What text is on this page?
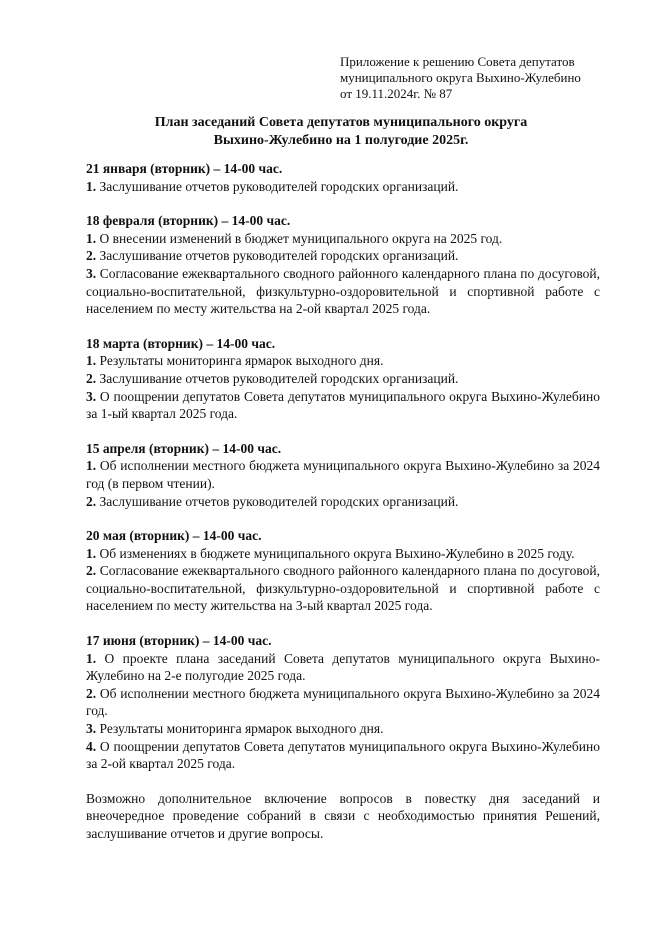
Приложение к решению Совета депутатов
муниципального округа Выхино-Жулебино
от 19.11.2024г. № 87
План заседаний Совета депутатов муниципального округа
Выхино-Жулебино на 1 полугодие 2025г.
21 января (вторник) – 14-00 час.
1. Заслушивание отчетов руководителей городских организаций.
18 февраля (вторник) – 14-00 час.
1. О внесении изменений в бюджет муниципального округа на 2025 год.
2. Заслушивание отчетов руководителей городских организаций.
3. Согласование ежеквартального сводного районного календарного плана по досуговой, социально-воспитательной, физкультурно-оздоровительной и спортивной работе с населением по месту жительства на 2-ой квартал 2025 года.
18 марта (вторник) – 14-00 час.
1. Результаты мониторинга ярмарок выходного дня.
2. Заслушивание отчетов руководителей городских организаций.
3. О поощрении депутатов Совета депутатов муниципального округа Выхино-Жулебино за 1-ый квартал 2025 года.
15 апреля (вторник) – 14-00 час.
1. Об исполнении местного бюджета муниципального округа Выхино-Жулебино за 2024 год (в первом чтении).
2. Заслушивание отчетов руководителей городских организаций.
20 мая (вторник) – 14-00 час.
1. Об изменениях в бюджете муниципального округа Выхино-Жулебино в 2025 году.
2. Согласование ежеквартального сводного районного календарного плана по досуговой, социально-воспитательной, физкультурно-оздоровительной и спортивной работе с населением по месту жительства на 3-ый квартал 2025 года.
17 июня (вторник) – 14-00 час.
1. О проекте плана заседаний Совета депутатов муниципального округа Выхино-Жулебино на 2-е полугодие 2025 года.
2. Об исполнении местного бюджета муниципального округа Выхино-Жулебино за 2024 год.
3. Результаты мониторинга ярмарок выходного дня.
4. О поощрении депутатов Совета депутатов муниципального округа Выхино-Жулебино за 2-ой квартал 2025 года.
Возможно дополнительное включение вопросов в повестку дня заседаний и внеочередное проведение собраний в связи с необходимостью принятия Решений, заслушивание отчетов и другие вопросы.
